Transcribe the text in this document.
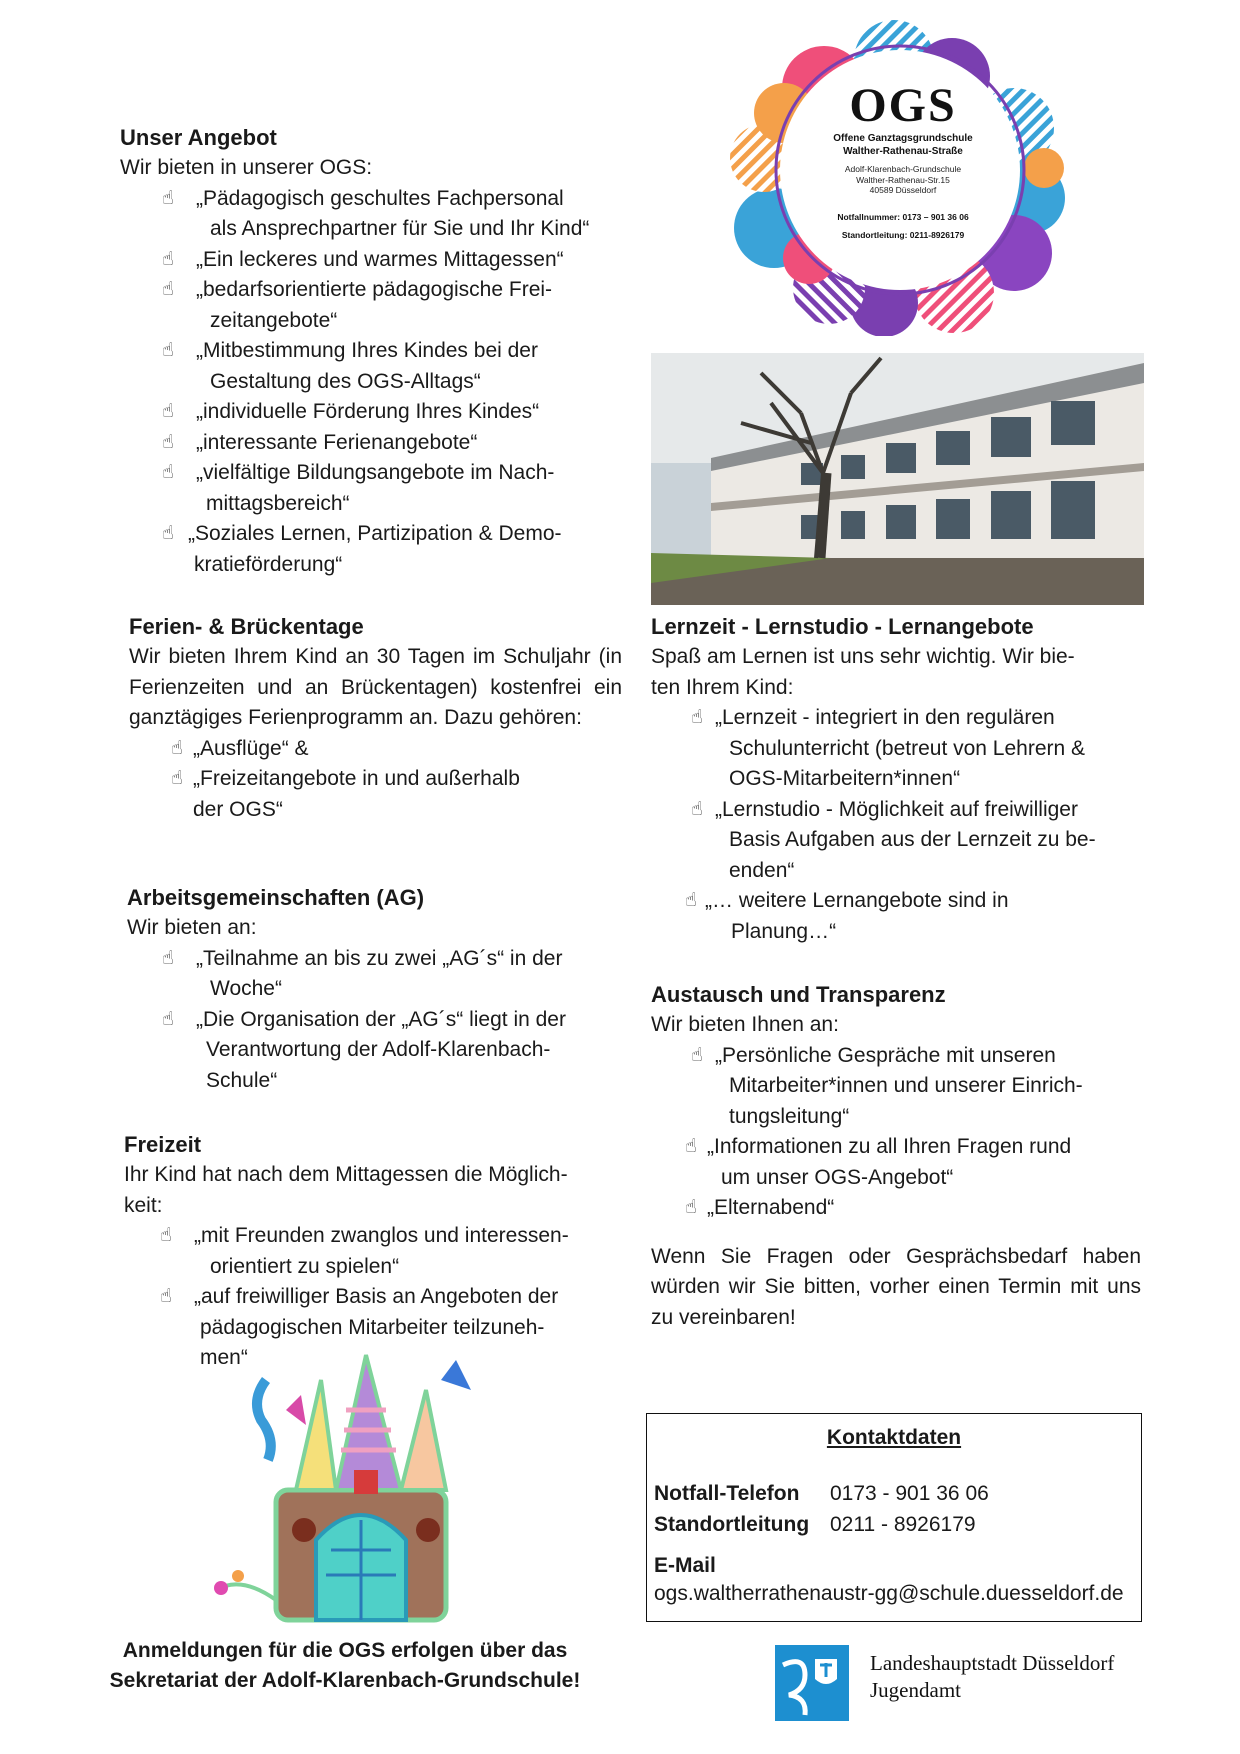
OGS
Offene Ganztagsgrundschule
Walther-Rathenau-Straße
Adolf-Klarenbach-Grundschule
Walther-Rathenau-Str.15
40589 Düsseldorf
Notfallnummer: 0173 – 901 36 06
Standortleitung: 0211-8926179
Unser Angebot
Wir bieten in unserer OGS:
☝ „Pädagogisch geschultes Fachpersonal
als Ansprechpartner für Sie und Ihr Kind“
☝ „Ein leckeres und warmes Mittagessen“
☝ „bedarfsorientierte pädagogische Frei-
zeitangebote“
☝ „Mitbestimmung Ihres Kindes bei der
Gestaltung des OGS-Alltags“
☝ „individuelle Förderung Ihres Kindes“
☝ „interessante Ferienangebote“
☝ „vielfältige Bildungsangebote im Nach-
mittagsbereich“
☝ „Soziales Lernen, Partizipation & Demo-
kratieförderung“
Ferien- & Brückentage
Wir bieten Ihrem Kind an 30 Tagen im Schuljahr (in Ferienzeiten und an Brückentagen) kostenfrei ein ganztägiges Ferienprogramm an. Dazu gehören:
☝ „Ausflüge“ &
☝ „Freizeitangebote in und außerhalb
der OGS“
Arbeitsgemeinschaften (AG)
Wir bieten an:
☝ „Teilnahme an bis zu zwei „AG´s“ in der
Woche“
☝ „Die Organisation der „AG´s“ liegt in der
Verantwortung der Adolf-Klarenbach-
Schule“
Freizeit
Ihr Kind hat nach dem Mittagessen die Möglich-
keit:
☝ „mit Freunden zwanglos und interessen-
orientiert zu spielen“
☝ „auf freiwilliger Basis an Angeboten der
pädagogischen Mitarbeiter teilzuneh-
men“
Lernzeit - Lernstudio - Lernangebote
Spaß am Lernen ist uns sehr wichtig. Wir bie-
ten Ihrem Kind:
☝ „Lernzeit - integriert in den regulären
Schulunterricht (betreut von Lehrern &
OGS-Mitarbeitern*innen“
☝ „Lernstudio - Möglichkeit auf freiwilliger
Basis Aufgaben aus der Lernzeit zu be-
enden“
☝ „… weitere Lernangebote sind in
Planung…“
Austausch und Transparenz
Wir bieten Ihnen an:
☝ „Persönliche Gespräche mit unseren
Mitarbeiter*innen und unserer Einrich-
tungsleitung“
☝ „Informationen zu all Ihren Fragen rund
um unser OGS-Angebot“
☝ „Elternabend“
Wenn Sie Fragen oder Gesprächsbedarf haben würden wir Sie bitten, vorher einen Termin mit uns zu vereinbaren!
Kontaktdaten
Notfall-Telefon 0173 - 901 36 06
Standortleitung 0211 - 8926179
E-Mail
ogs.waltherrathenaustr-gg@schule.duesseldorf.de
Anmeldungen für die OGS erfolgen über das
Sekretariat der Adolf-Klarenbach-Grundschule!
Landeshauptstadt Düsseldorf
Jugendamt
